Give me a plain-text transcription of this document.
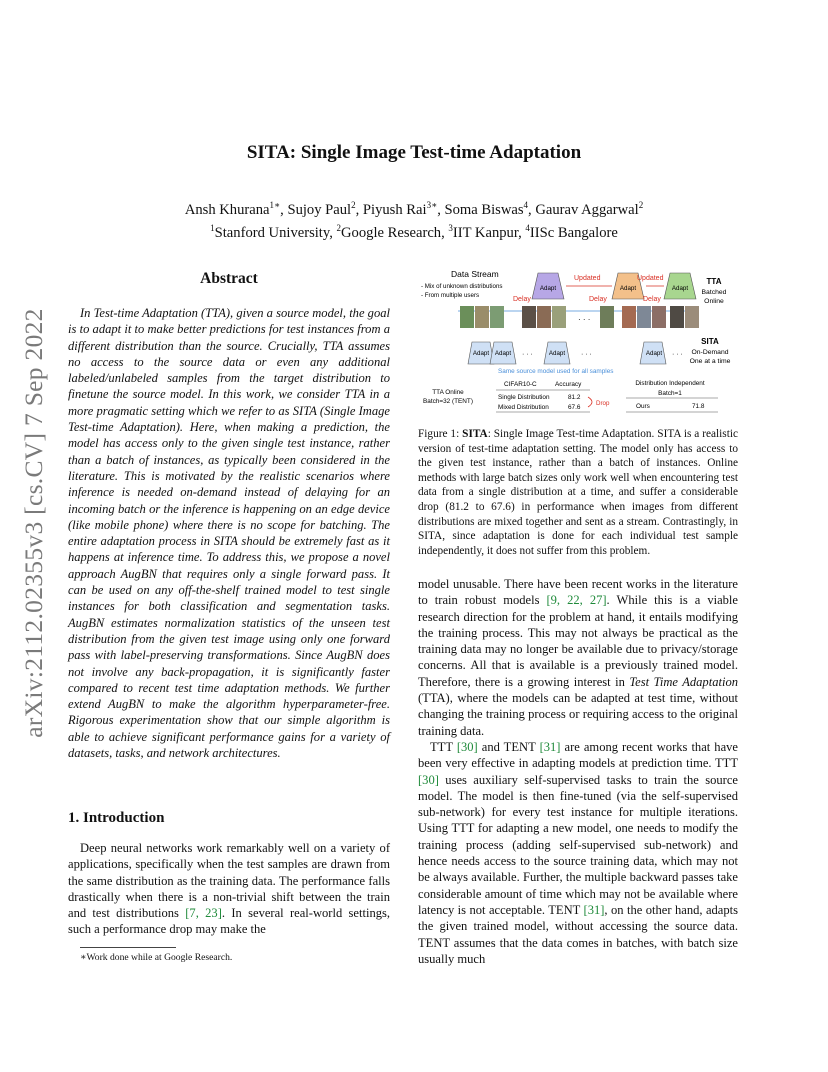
arXiv:2112.02355v3 [cs.CV] 7 Sep 2022
SITA: Single Image Test-time Adaptation
Ansh Khurana$^{1∗}$, Sujoy Paul$^2$, Piyush Rai$^{3∗}$, Soma Biswas$^4$, Gaurav Aggarwal$^2$
$^1$Stanford University, $^2$Google Research, $^3$IIT Kanpur, $^4$IISc Bangalore
Abstract

In Test-time Adaptation (TTA), given a source model, the goal is to adapt it to make better predictions for test instances from a different distribution than the source. Crucially, TTA assumes no access to the source data or even any additional labeled/unlabeled samples from the target distribution to finetune the source model. In this work, we consider TTA in a more pragmatic setting which we refer to as SITA (Single Image Test-time Adaptation). Here, when making a prediction, the model has access only to the given single test instance, rather than a batch of instances, as typically been considered in the literature. This is motivated by the realistic scenarios where inference is needed on-demand instead of delaying for an incoming batch or the inference is happening on an edge device (like mobile phone) where there is no scope for batching. The entire adaptation process in SITA should be extremely fast as it happens at inference time. To address this, we propose a novel approach AugBN that requires only a single forward pass. It can be used on any off-the-shelf trained model to test single instances for both classification and segmentation tasks. AugBN estimates normalization statistics of the unseen test distribution from the given test image using only one forward pass with label-preserving transformations. Since AugBN does not involve any back-propagation, it is significantly faster compared to recent test time adaptation methods. We further extend AugBN to make the algorithm hyperparameter-free. Rigorous experimentation show that our simple algorithm is able to achieve significant performance gains for a variety of datasets, tasks, and network architectures.

1. Introduction

Deep neural networks work remarkably well on a variety of applications, specifically when the test samples are drawn from the same distribution as the training data. The performance falls drastically when there is a non-trivial shift between the train and test distributions [7, 23]. In several real-world settings, such a performance drop may make the

∗Work done while at Google Research.
Data Stream
- Mix of unknown distributions
- From multiple users
Adapt
Updated
Delay
Adapt
Delay
Updated
Delay
Adapt
TTA
Batched
Online
· · ·
Adapt Adapt · · ·	Adapt · · ·	Adapt · · ·
SITA
On-Demand
One at a time
Same source model used for all samples
TTA Online
Batch=32 (TENT)
CIFAR10-C	Accuracy
Single Distribution	81.2
Mixed Distribution	67.6
Drop
Distribution Independent
Batch=1
Ours	71.8

Figure 1: SITA: Single Image Test-time Adaptation. SITA is a realistic version of test-time adaptation setting. The model only has access to the given test instance, rather than a batch of instances. Online methods with large batch sizes only work well when encountering test data from a single distribution at a time, and suffer a considerable drop (81.2 to 67.6) in performance when images from different distributions are mixed together and sent as a stream. Contrastingly, in SITA, since adaptation is done for each individual test sample independently, it does not suffer from this problem.

model unusable. There have been recent works in the literature to train robust models [9, 22, 27]. While this is a viable research direction for the problem at hand, it entails modifying the training process. This may not always be practical as the training data may no longer be available due to privacy/storage concerns. All that is available is a previously trained model. Therefore, there is a growing interest in Test Time Adaptation (TTA), where the models can be adapted at test time, without changing the training process or requiring access to the original training data.

TTT [30] and TENT [31] are among recent works that have been very effective in adapting models at prediction time. TTT [30] uses auxiliary self-supervised tasks to train the source model. The model is then fine-tuned (via the self-supervised sub-network) for every test instance for multiple iterations. Using TTT for adapting a new model, one needs to modify the training process (adding self-supervised sub-network) and hence needs access to the source training data, which may not be always available. Further, the multiple backward passes take considerable amount of time which may not be available where latency is not acceptable. TENT [31], on the other hand, adapts the given trained model, without accessing the source data. TENT assumes that the data comes in batches, with batch size usually much
